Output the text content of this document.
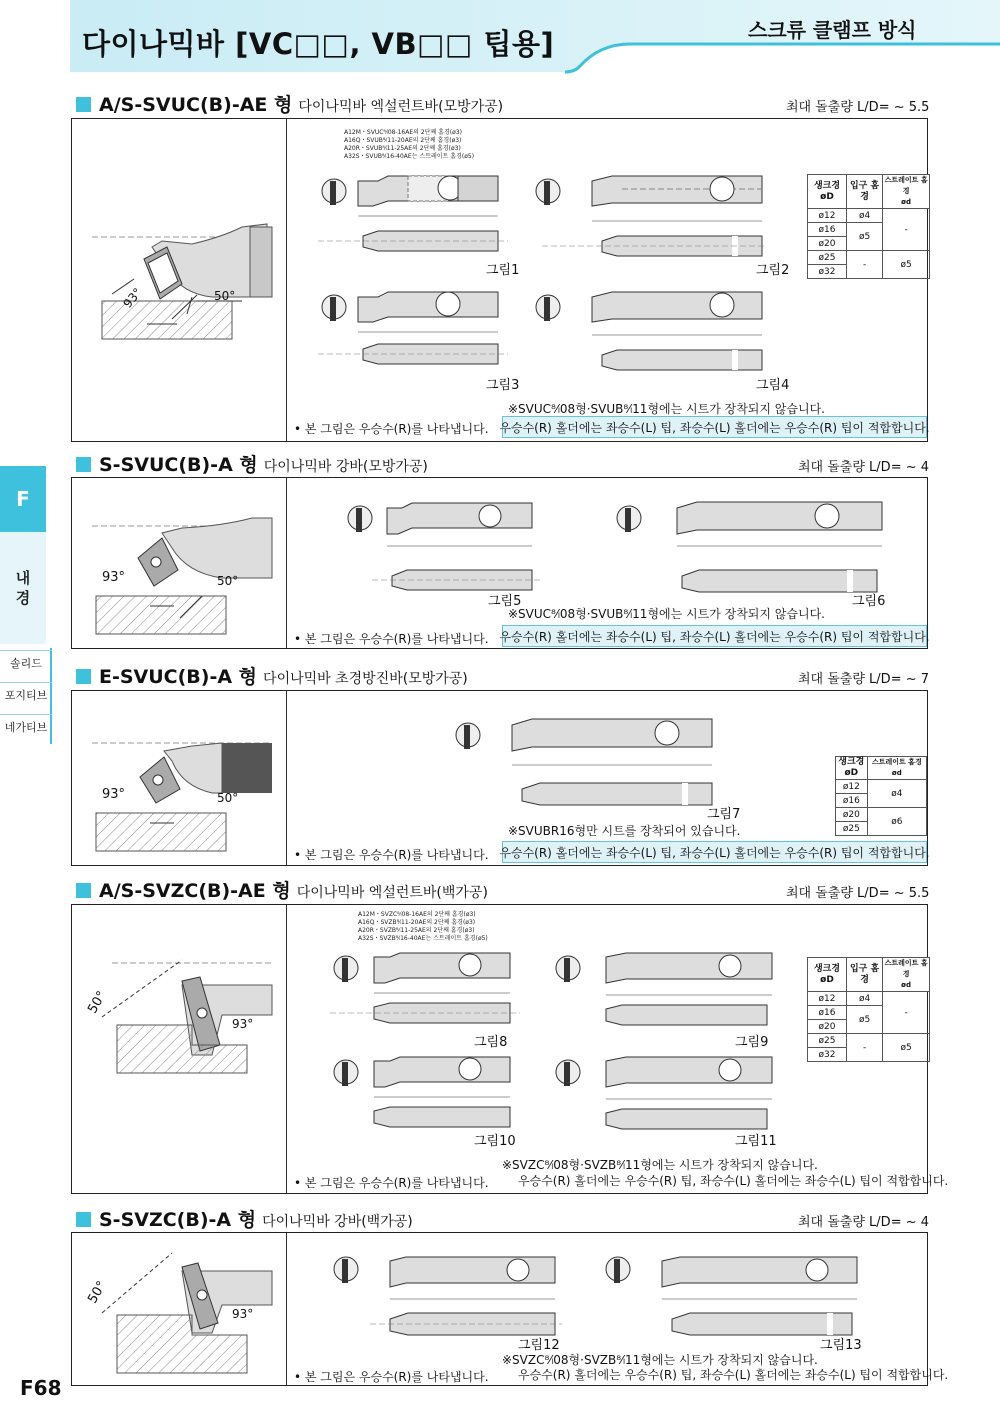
다이나믹바 [VC□□, VB□□ 팁용]	스크류 클램프 방식
F
내
경
솔리드
포지티브
네가티브
F68
A/S-SVUC(B)-AE 형 다이나믹바 엑설런트바(모방가공)	최대 돌출량 L/D= ~ 5.5
93°	50°
A12M・SVUC⁸⁄ₗ08-16AE의 2단째 홈경(ø3)
A16Q・SVUB⁸⁄ₗ11-20AE의 2단째 홈경(ø3)
A20R・SVUB⁸⁄ₗ11-25AE의 2단째 홈경(ø3)
A32S・SVUB⁸⁄ₗ16-40AE는 스트레이트 홈경(ø5)
그림1	그림2
생크경
øD	입구 홈경	스트레이트 홈경
ød
ø12	ø4	-
ø16	ø5	
ø20		
ø25	-	ø5
ø32		
그림3	그림4
※SVUC⁸⁄ₗ08형·SVUB⁸⁄ₗ11형에는 시트가 장착되지 않습니다.
• 본 그림은 우승수(R)를 나타냅니다. 우승수(R) 홀더에는 좌승수(L) 팁, 좌승수(L) 홀더에는 우승수(R) 팁이 적합합니다.
S-SVUC(B)-A 형 다이나믹바 강바(모방가공)	최대 돌출량 L/D= ~ 4
93°	50°
그림5	그림6
※SVUC⁸⁄ₗ08형·SVUB⁸⁄ₗ11형에는 시트가 장착되지 않습니다.
• 본 그림은 우승수(R)를 나타냅니다. 우승수(R) 홀더에는 좌승수(L) 팁, 좌승수(L) 홀더에는 우승수(R) 팁이 적합합니다.
E-SVUC(B)-A 형 다이나믹바 초경방진바(모방가공)	최대 돌출량 L/D= ~ 7
93°	50°
그림7
생크경
øD	스트레이트 홈경
ød
ø12	ø4
ø16	
ø20	ø6
ø25	
※SVUBR16형만 시트를 장착되어 있습니다.
• 본 그림은 우승수(R)를 나타냅니다. 우승수(R) 홀더에는 좌승수(L) 팁, 좌승수(L) 홀더에는 우승수(R) 팁이 적합합니다.
A/S-SVZC(B)-AE 형 다이나믹바 엑설런트바(백가공)	최대 돌출량 L/D= ~ 5.5
50°
93°
A12M・SVZC⁸⁄ₗ08-16AE의 2단째 홈경(ø3)
A16Q・SVZB⁸⁄ₗ11-20AE의 2단째 홈경(ø3)
A20R・SVZB⁸⁄ₗ11-25AE의 2단째 홈경(ø3)
A32S・SVZB⁸⁄ₗ16-40AE는 스트레이트 홈경(ø5)
그림8	그림9
생크경
øD	입구 홈경	스트레이트 홈경
ød
ø12	ø4	-
ø16	ø5	
ø20		
ø25	-	ø5
ø32		
그림10	그림11
※SVZC⁸⁄ₗ08형·SVZB⁸⁄ₗ11형에는 시트가 장착되지 않습니다.
• 본 그림은 우승수(R)를 나타냅니다. 우승수(R) 홀더에는 우승수(R) 팁, 좌승수(L) 홀더에는 좌승수(L) 팁이 적합합니다.
S-SVZC(B)-A 형 다이나믹바 강바(백가공)	최대 돌출량 L/D= ~ 4
50°
93°
그림12	그림13
※SVZC⁸⁄ₗ08형·SVZB⁸⁄ₗ11형에는 시트가 장착되지 않습니다.
• 본 그림은 우승수(R)를 나타냅니다. 우승수(R) 홀더에는 우승수(R) 팁, 좌승수(L) 홀더에는 좌승수(L) 팁이 적합합니다.
